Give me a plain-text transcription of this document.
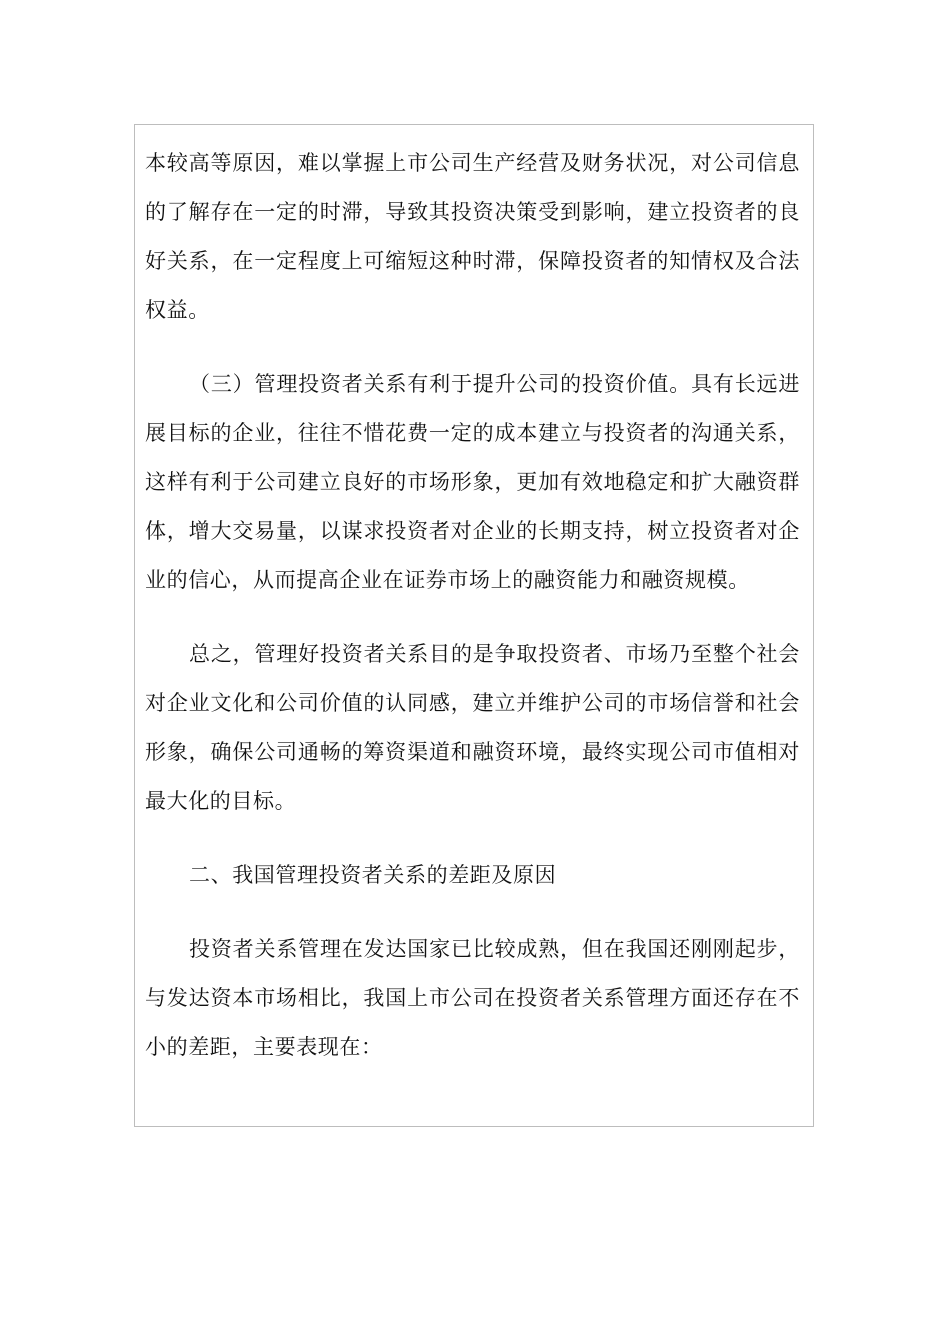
本较高等原因，难以掌握上市公司生产经营及财务状况，对公司信息的了解存在一定的时滞，导致其投资决策受到影响，建立投资者的良好关系，在一定程度上可缩短这种时滞，保障投资者的知情权及合法权益。

（三）管理投资者关系有利于提升公司的投资价值。具有长远进展目标的企业，往往不惜花费一定的成本建立与投资者的沟通关系，这样有利于公司建立良好的市场形象，更加有效地稳定和扩大融资群体，增大交易量，以谋求投资者对企业的长期支持，树立投资者对企业的信心，从而提高企业在证券市场上的融资能力和融资规模。

总之，管理好投资者关系目的是争取投资者、市场乃至整个社会对企业文化和公司价值的认同感，建立并维护公司的市场信誉和社会形象，确保公司通畅的筹资渠道和融资环境，最终实现公司市值相对最大化的目标。

二、我国管理投资者关系的差距及原因

投资者关系管理在发达国家已比较成熟，但在我国还刚刚起步，与发达资本市场相比，我国上市公司在投资者关系管理方面还存在不小的差距，主要表现在：
